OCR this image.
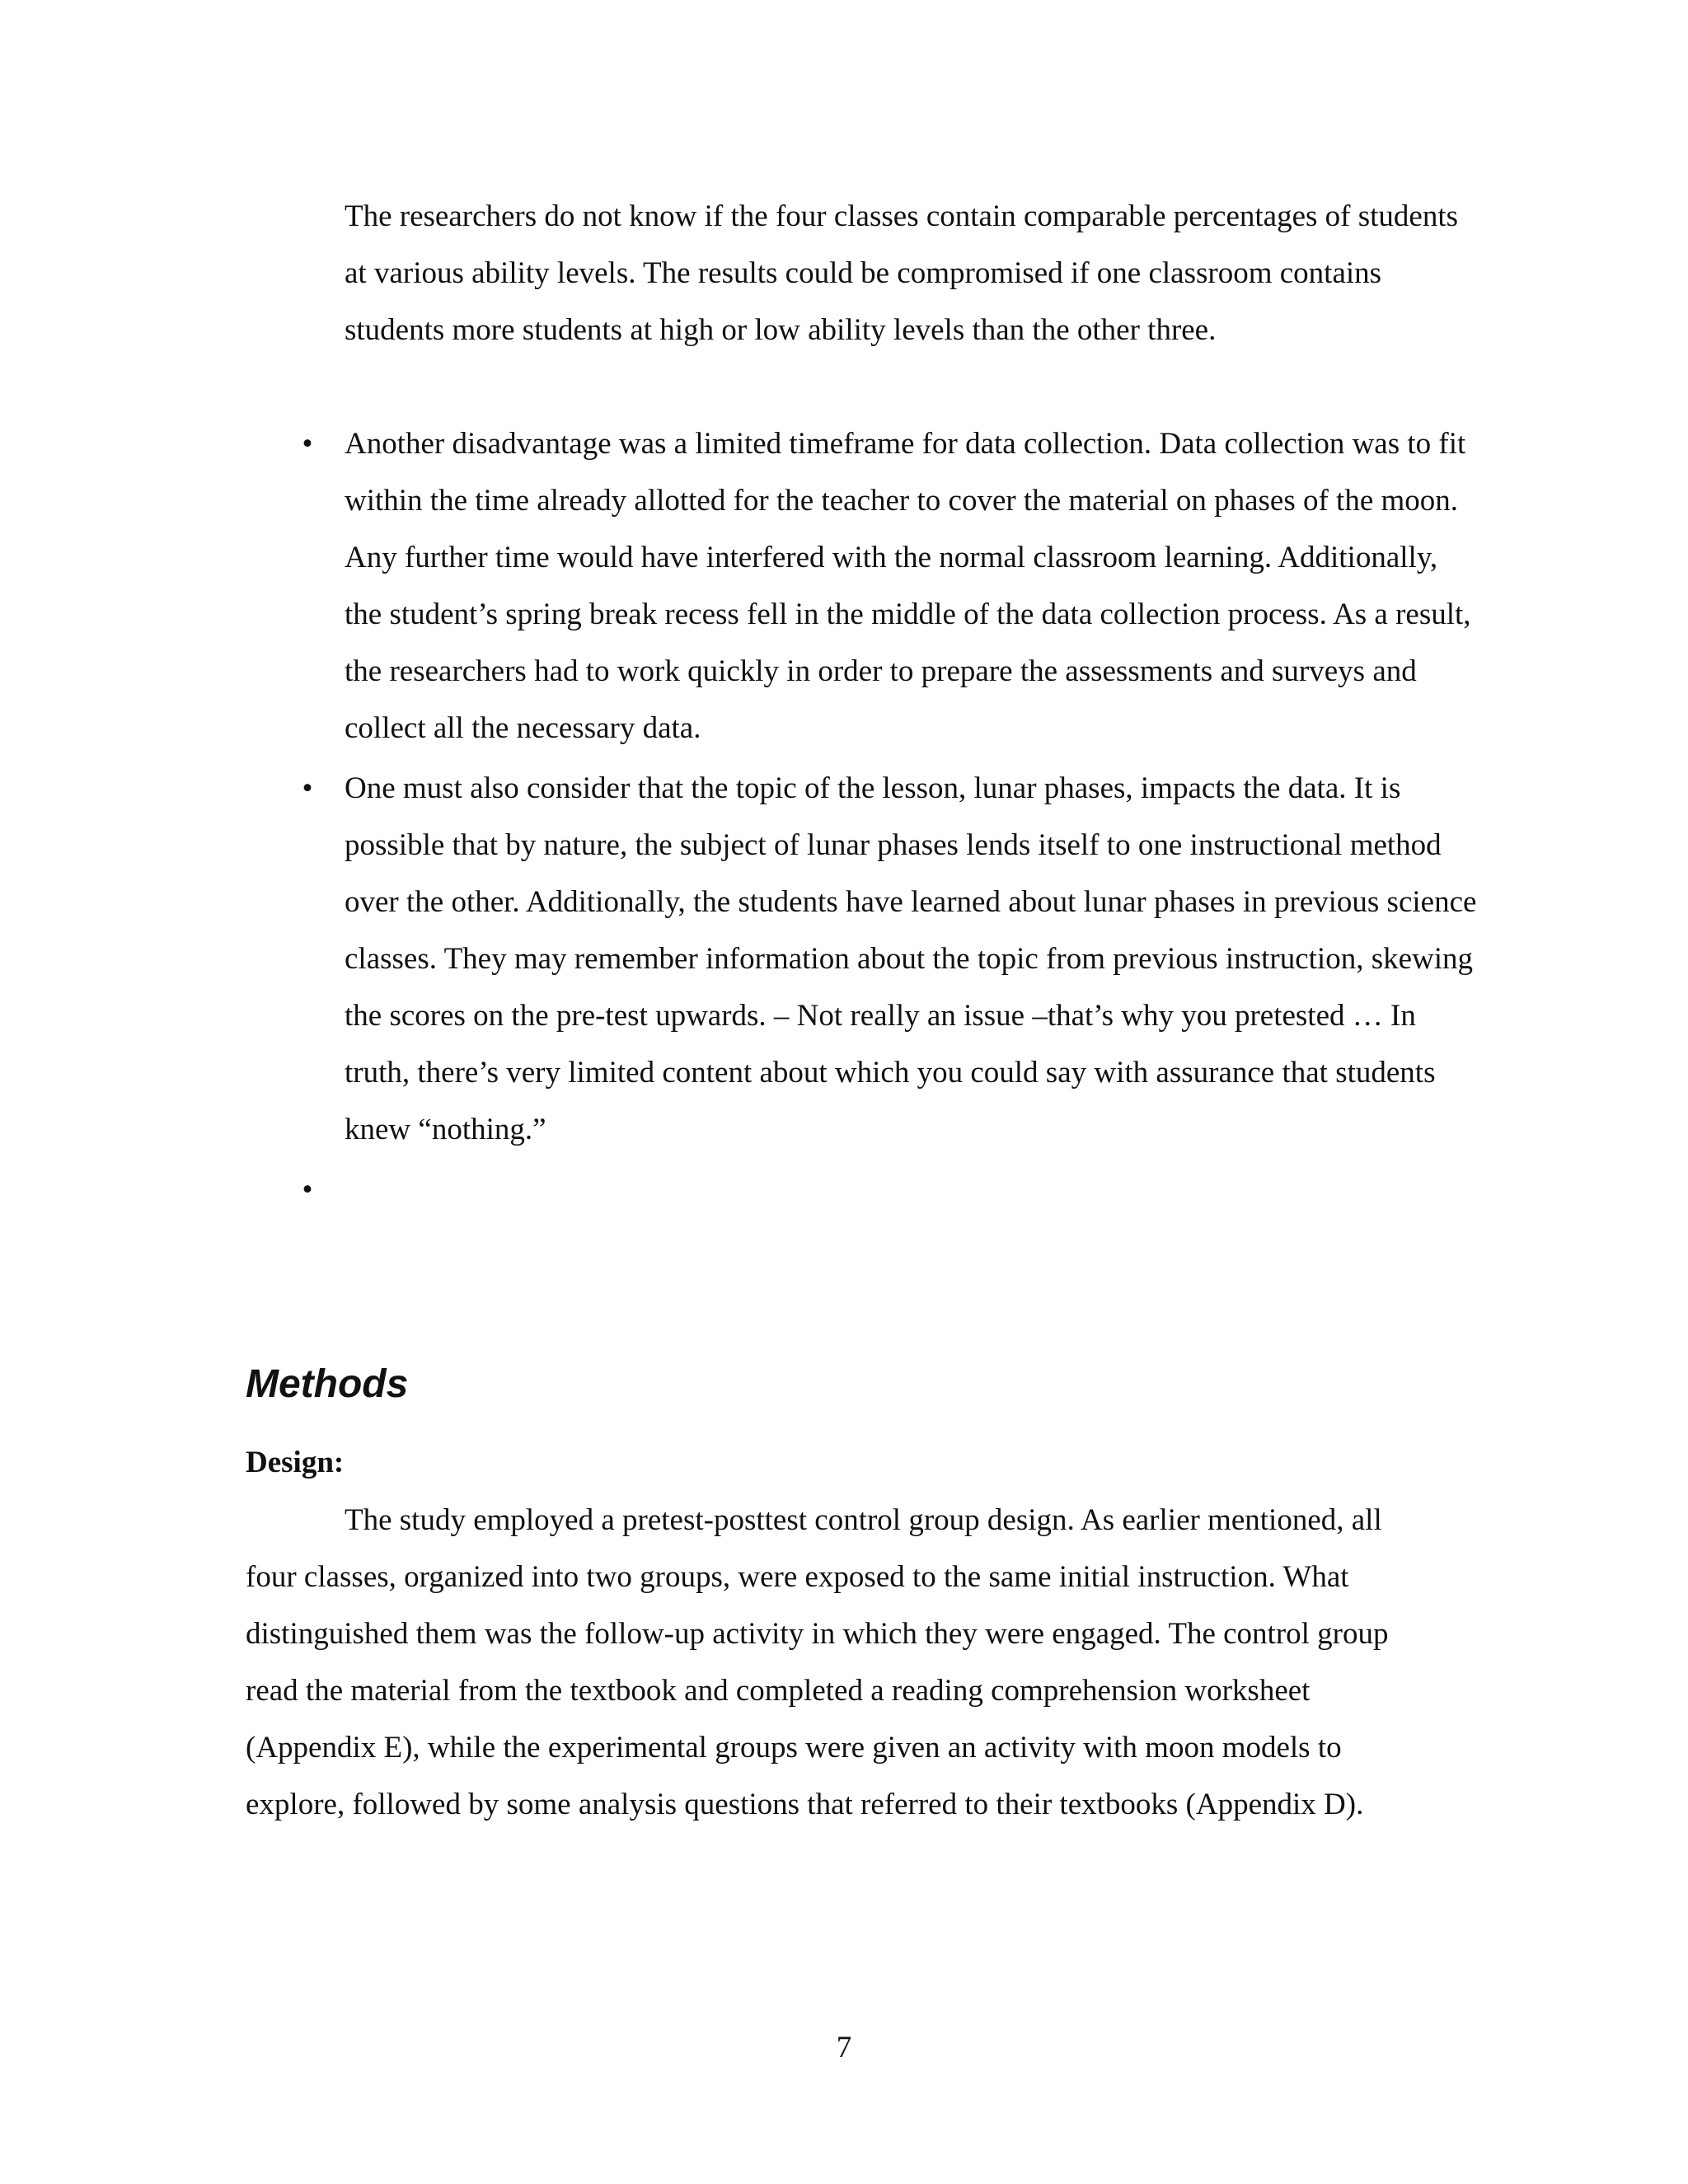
The researchers do not know if the four classes contain comparable percentages of students at various ability levels. The results could be compromised if one classroom contains students more students at high or low ability levels than the other three.

• Another disadvantage was a limited timeframe for data collection. Data collection was to fit within the time already allotted for the teacher to cover the material on phases of the moon. Any further time would have interfered with the normal classroom learning. Additionally, the student’s spring break recess fell in the middle of the data collection process. As a result, the researchers had to work quickly in order to prepare the assessments and surveys and collect all the necessary data.
• One must also consider that the topic of the lesson, lunar phases, impacts the data. It is possible that by nature, the subject of lunar phases lends itself to one instructional method over the other. Additionally, the students have learned about lunar phases in previous science classes. They may remember information about the topic from previous instruction, skewing the scores on the pre-test upwards. – Not really an issue –that’s why you pretested … In truth, there’s very limited content about which you could say with assurance that students knew “nothing.”
•
Methods

Design:

The study employed a pretest-posttest control group design. As earlier mentioned, all four classes, organized into two groups, were exposed to the same initial instruction. What distinguished them was the follow-up activity in which they were engaged. The control group read the material from the textbook and completed a reading comprehension worksheet (Appendix E), while the experimental groups were given an activity with moon models to explore, followed by some analysis questions that referred to their textbooks (Appendix D).

7
